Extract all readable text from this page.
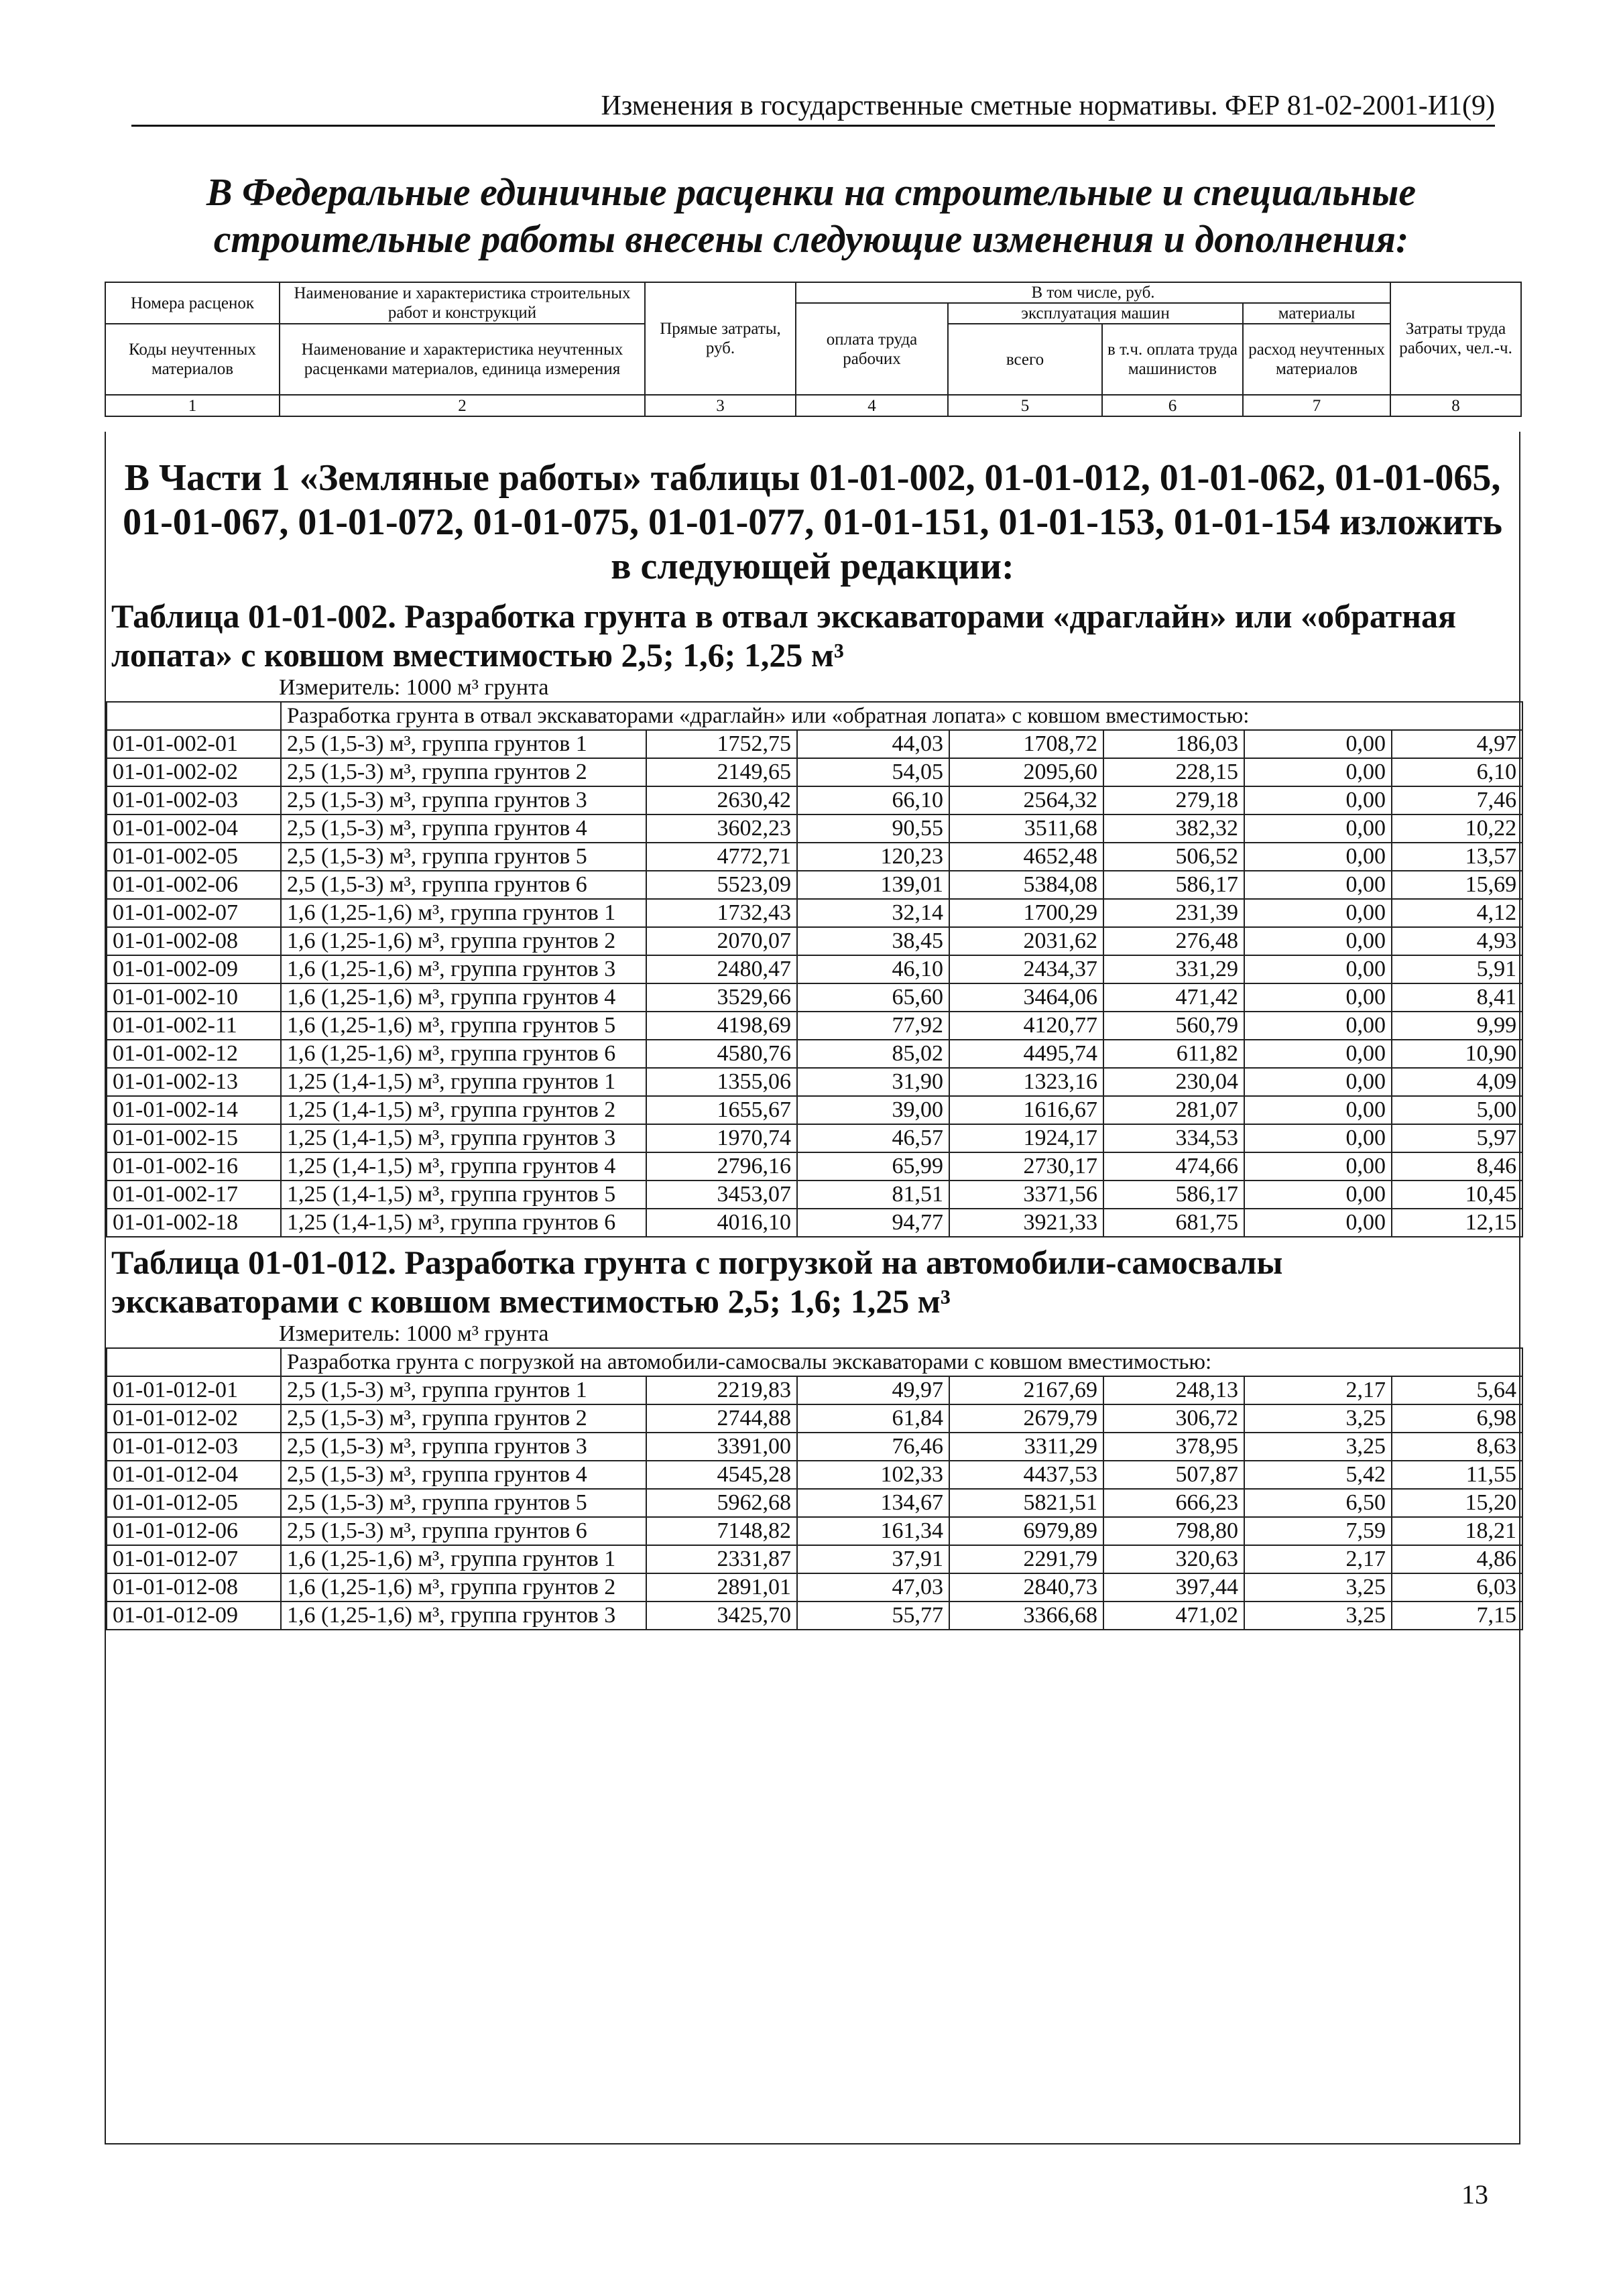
Изменения в государственные сметные нормативы. ФЕР 81-02-2001-И1(9)
В Федеральные единичные расценки на строительные и специальные строительные работы внесены следующие изменения и дополнения:
Номера расценок	Наименование и характеристика строительных работ и конструкций	Прямые затраты, руб.	В том числе, руб.				Затраты труда рабочих, чел.-ч.
			оплата труда рабочих	эксплуатация машин		материалы	
Коды неучтенных материалов	Наименование и характеристика неучтенных расценками материалов, единица измерения			всего	в т.ч. оплата труда машинистов	расход неучтенных материалов	

1	2	3	4	5	6	7	8
В Части 1 «Земляные работы» таблицы 01-01-002, 01-01-012, 01-01-062, 01-01-065, 01-01-067, 01-01-072, 01-01-075, 01-01-077, 01-01-151, 01-01-153, 01-01-154 изложить в следующей редакции:
Таблица 01-01-002. Разработка грунта в отвал экскаваторами «драглайн» или «обратная лопата» с ковшом вместимостью 2,5; 1,6; 1,25 м³
Измеритель: 1000 м³ грунта
	Разработка грунта в отвал экскаваторами «драглайн» или «обратная лопата» с ковшом вместимостью:						
01-01-002-01	2,5 (1,5-3) м³, группа грунтов 1	1752,75	44,03	1708,72	186,03	0,00	4,97
01-01-002-02	2,5 (1,5-3) м³, группа грунтов 2	2149,65	54,05	2095,60	228,15	0,00	6,10
01-01-002-03	2,5 (1,5-3) м³, группа грунтов 3	2630,42	66,10	2564,32	279,18	0,00	7,46
01-01-002-04	2,5 (1,5-3) м³, группа грунтов 4	3602,23	90,55	3511,68	382,32	0,00	10,22
01-01-002-05	2,5 (1,5-3) м³, группа грунтов 5	4772,71	120,23	4652,48	506,52	0,00	13,57
01-01-002-06	2,5 (1,5-3) м³, группа грунтов 6	5523,09	139,01	5384,08	586,17	0,00	15,69
01-01-002-07	1,6 (1,25-1,6) м³, группа грунтов 1	1732,43	32,14	1700,29	231,39	0,00	4,12
01-01-002-08	1,6 (1,25-1,6) м³, группа грунтов 2	2070,07	38,45	2031,62	276,48	0,00	4,93
01-01-002-09	1,6 (1,25-1,6) м³, группа грунтов 3	2480,47	46,10	2434,37	331,29	0,00	5,91
01-01-002-10	1,6 (1,25-1,6) м³, группа грунтов 4	3529,66	65,60	3464,06	471,42	0,00	8,41
01-01-002-11	1,6 (1,25-1,6) м³, группа грунтов 5	4198,69	77,92	4120,77	560,79	0,00	9,99
01-01-002-12	1,6 (1,25-1,6) м³, группа грунтов 6	4580,76	85,02	4495,74	611,82	0,00	10,90
01-01-002-13	1,25 (1,4-1,5) м³, группа грунтов 1	1355,06	31,90	1323,16	230,04	0,00	4,09
01-01-002-14	1,25 (1,4-1,5) м³, группа грунтов 2	1655,67	39,00	1616,67	281,07	0,00	5,00
01-01-002-15	1,25 (1,4-1,5) м³, группа грунтов 3	1970,74	46,57	1924,17	334,53	0,00	5,97
01-01-002-16	1,25 (1,4-1,5) м³, группа грунтов 4	2796,16	65,99	2730,17	474,66	0,00	8,46
01-01-002-17	1,25 (1,4-1,5) м³, группа грунтов 5	3453,07	81,51	3371,56	586,17	0,00	10,45
01-01-002-18	1,25 (1,4-1,5) м³, группа грунтов 6	4016,10	94,77	3921,33	681,75	0,00	12,15
Таблица 01-01-012. Разработка грунта с погрузкой на автомобили-самосвалы экскаваторами с ковшом вместимостью 2,5; 1,6; 1,25 м³
Измеритель: 1000 м³ грунта
	Разработка грунта с погрузкой на автомобили-самосвалы экскаваторами с ковшом вместимостью:						
01-01-012-01	2,5 (1,5-3) м³, группа грунтов 1	2219,83	49,97	2167,69	248,13	2,17	5,64
01-01-012-02	2,5 (1,5-3) м³, группа грунтов 2	2744,88	61,84	2679,79	306,72	3,25	6,98
01-01-012-03	2,5 (1,5-3) м³, группа грунтов 3	3391,00	76,46	3311,29	378,95	3,25	8,63
01-01-012-04	2,5 (1,5-3) м³, группа грунтов 4	4545,28	102,33	4437,53	507,87	5,42	11,55
01-01-012-05	2,5 (1,5-3) м³, группа грунтов 5	5962,68	134,67	5821,51	666,23	6,50	15,20
01-01-012-06	2,5 (1,5-3) м³, группа грунтов 6	7148,82	161,34	6979,89	798,80	7,59	18,21
01-01-012-07	1,6 (1,25-1,6) м³, группа грунтов 1	2331,87	37,91	2291,79	320,63	2,17	4,86
01-01-012-08	1,6 (1,25-1,6) м³, группа грунтов 2	2891,01	47,03	2840,73	397,44	3,25	6,03
01-01-012-09	1,6 (1,25-1,6) м³, группа грунтов 3	3425,70	55,77	3366,68	471,02	3,25	7,15
13
